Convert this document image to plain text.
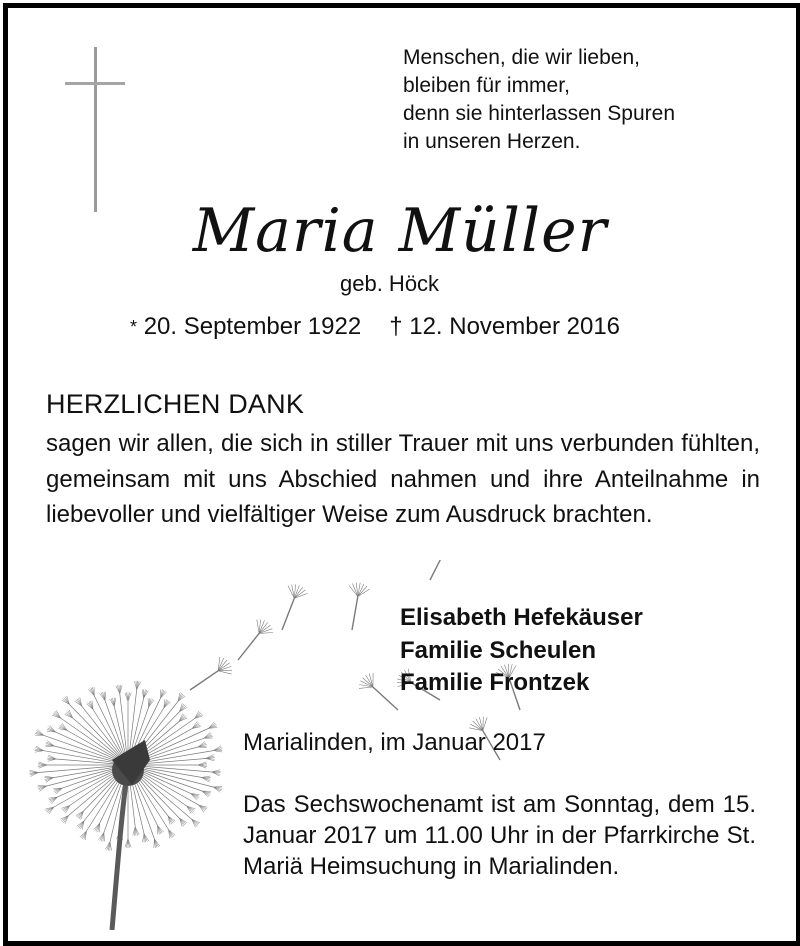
Menschen, die wir lieben,
bleiben für immer,
denn sie hinterlassen Spuren
in unseren Herzen.
Maria Müller
geb. Höck
* 20. September 1922 † 12. November 2016
HERZLICHEN DANK
sagen wir allen, die sich in stiller Trauer mit uns verbunden fühlten, gemeinsam mit uns Abschied nahmen und ihre Anteilnahme in liebevoller und vielfältiger Weise zum Ausdruck brachten.
Elisabeth Hefekäuser
Familie Scheulen
Familie Frontzek
Marialinden, im Januar 2017
Das Sechswochenamt ist am Sonntag, dem 15. Januar 2017 um 11.00 Uhr in der Pfarrkirche St. Mariä Heimsuchung in Marialinden.
